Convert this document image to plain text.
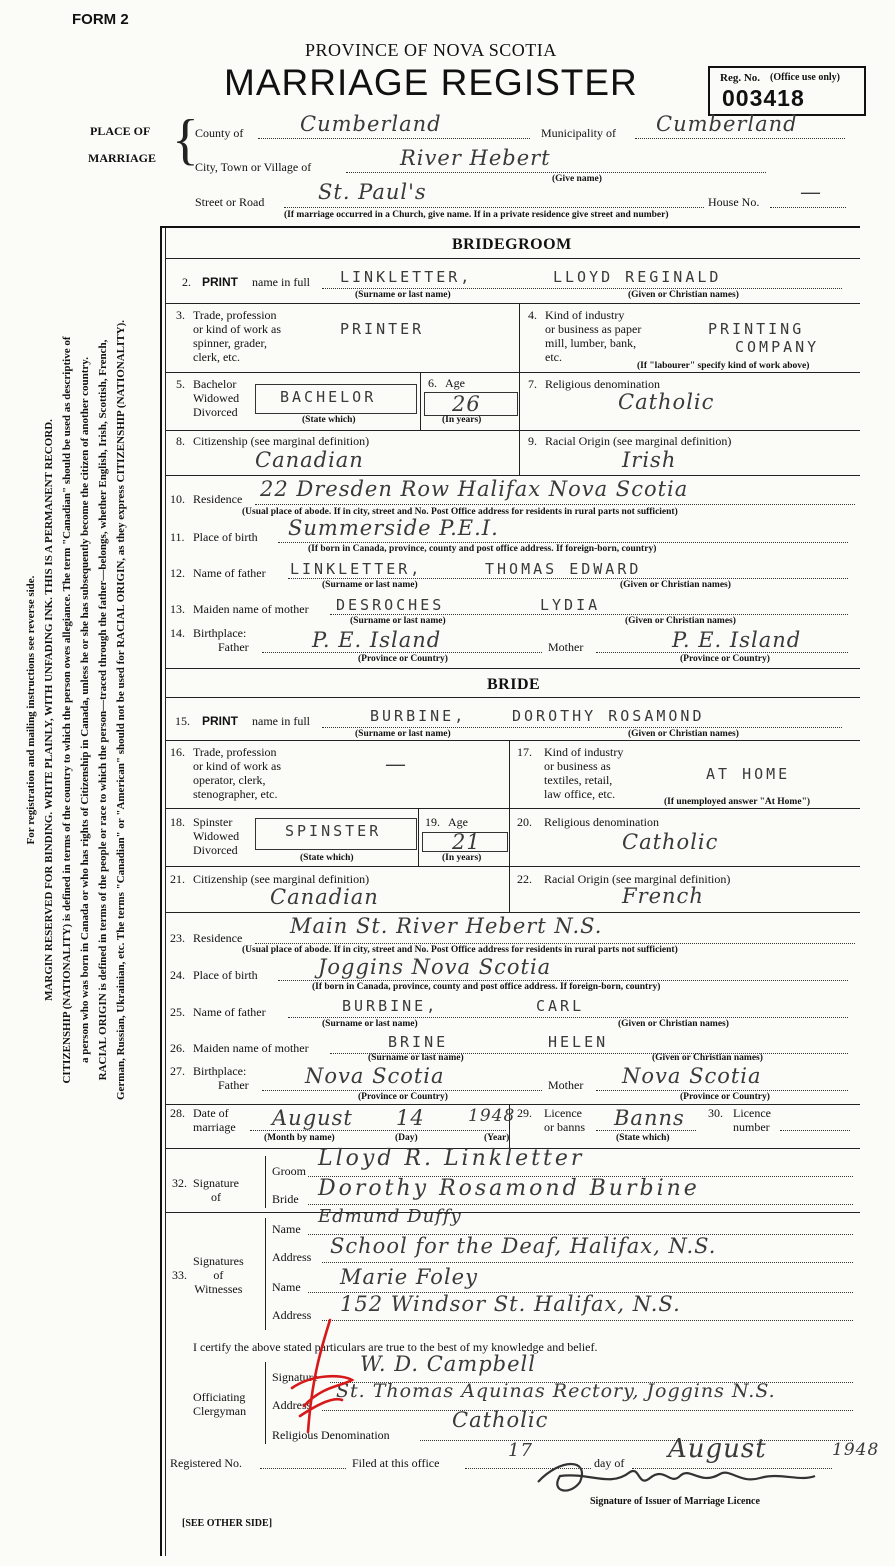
FORM 2
PROVINCE OF NOVA SCOTIA
MARRIAGE REGISTER	Reg. No. (Office use only)
003418
PLACE OF
MARRIAGE {
County of	Cumberland	Municipality of Cumberland
City, Town or Village of	River Hebert
(Give name)
Street or Road	St. Paul's	House No. —
(If marriage occurred in a Church, give name. If in a private residence give street and number)
For registration and mailing instructions see reverse side. MARGIN RESERVED FOR BINDING. WRITE PLAINLY, WITH UNFADING INK. THIS IS A PERMANENT RECORD. CITIZENSHIP (NATIONALITY) is defined in terms of the country to which the person owes allegiance. The term "Canadian" should be used as descriptive of a person who was born in Canada or who has rights of Citizenship in Canada, unless he or she has subsequently become the citizen of another country. RACIAL ORIGIN is defined in terms of the people or race to which the person—traced through the father—belongs, whether English, Irish, Scottish, French, German, Russian, Ukrainian, etc. The terms "Canadian" or "American" should not be used for RACIAL ORIGIN, as they express CITIZENSHIP (NATIONALITY).
BRIDEGROOM
2. PRINT name in full LINKLETTER,	LLOYD REGINALD
(Surname or last name)	(Given or Christian names)
3. Trade, profession
or kind of work as
spinner, grader,
clerk, etc.
PRINTER
4. Kind of industry
or business as paper
mill, lumber, bank,
etc.
PRINTING
COMPANY
(If "labourer" specify kind of work above)
5. Bachelor
Widowed
Divorced
BACHELOR
(State which)
6. Age
26
(In years)
7. Religious denomination
Catholic
8. Citizenship (see marginal definition)
Canadian
9. Racial Origin (see marginal definition)
Irish
10. Residence 22 Dresden Row Halifax Nova Scotia
(Usual place of abode. If in city, street and No. Post Office address for residents in rural parts not sufficient)
11. Place of birth Summerside P.E.I.
(If born in Canada, province, county and post office address. If foreign-born, country)
12. Name of father LINKLETTER,	THOMAS EDWARD
(Surname or last name)	(Given or Christian names)
13. Maiden name of mother DESROCHES	LYDIA
(Surname or last name)	(Given or Christian names)
14. Birthplace:
Father	P. E. Island	Mother	P. E. Island
(Province or Country)	(Province or Country)
BRIDE
15. PRINT name in full	BURBINE,	DOROTHY ROSAMOND
(Surname or last name)	(Given or Christian names)
16. Trade, profession
or kind of work as
operator, clerk,
stenographer, etc.
—	17. Kind of industry
or business as
textiles, retail,
law office, etc.
AT HOME
(If unemployed answer "At Home")
18. Spinster
Widowed
Divorced
SPINSTER
(State which)
19. Age
21
(In years)
20. Religious denomination
Catholic
21. Citizenship (see marginal definition)
Canadian
22. Racial Origin (see marginal definition)
French
23. Residence Main St. River Hebert N.S.
(Usual place of abode. If in city, street and No. Post Office address for residents in rural parts not sufficient)
24. Place of birth	Joggins Nova Scotia
(If born in Canada, province, county and post office address. If foreign-born, country)
25. Name of father	BURBINE,	CARL
(Surname or last name)	(Given or Christian names)
26. Maiden name of mother	BRINE	HELEN
(Surname or last name)	(Given or Christian names)
27. Birthplace:
Father	Nova Scotia	Mother Nova Scotia
(Province or Country)	(Province or Country)
28. Date of
marriage August 14	1948
(Month by name)	(Day)	(Year)
29. Licence
or banns Banns
(State which)
30. Licence
number
32. Signature
of
Groom Lloyd R. Linkletter
Bride Dorothy Rosamond Burbine
33.
Signatures
of
Witnesses
Name
Edmund Duffy
Address School for the Deaf, Halifax, N.S.
Name Marie Foley
Address 152 Windsor St. Halifax, N.S.
I certify the above stated particulars are true to the best of my knowledge and belief.
Officiating
Clergyman
Signature
W. D. Campbell
Address
St. Thomas Aquinas Rectory, Joggins N.S.
Religious Denomination
Catholic
Registered No.	Filed at this office
17
day of August	1948
Signature of Issuer of Marriage Licence
[SEE OTHER SIDE]
